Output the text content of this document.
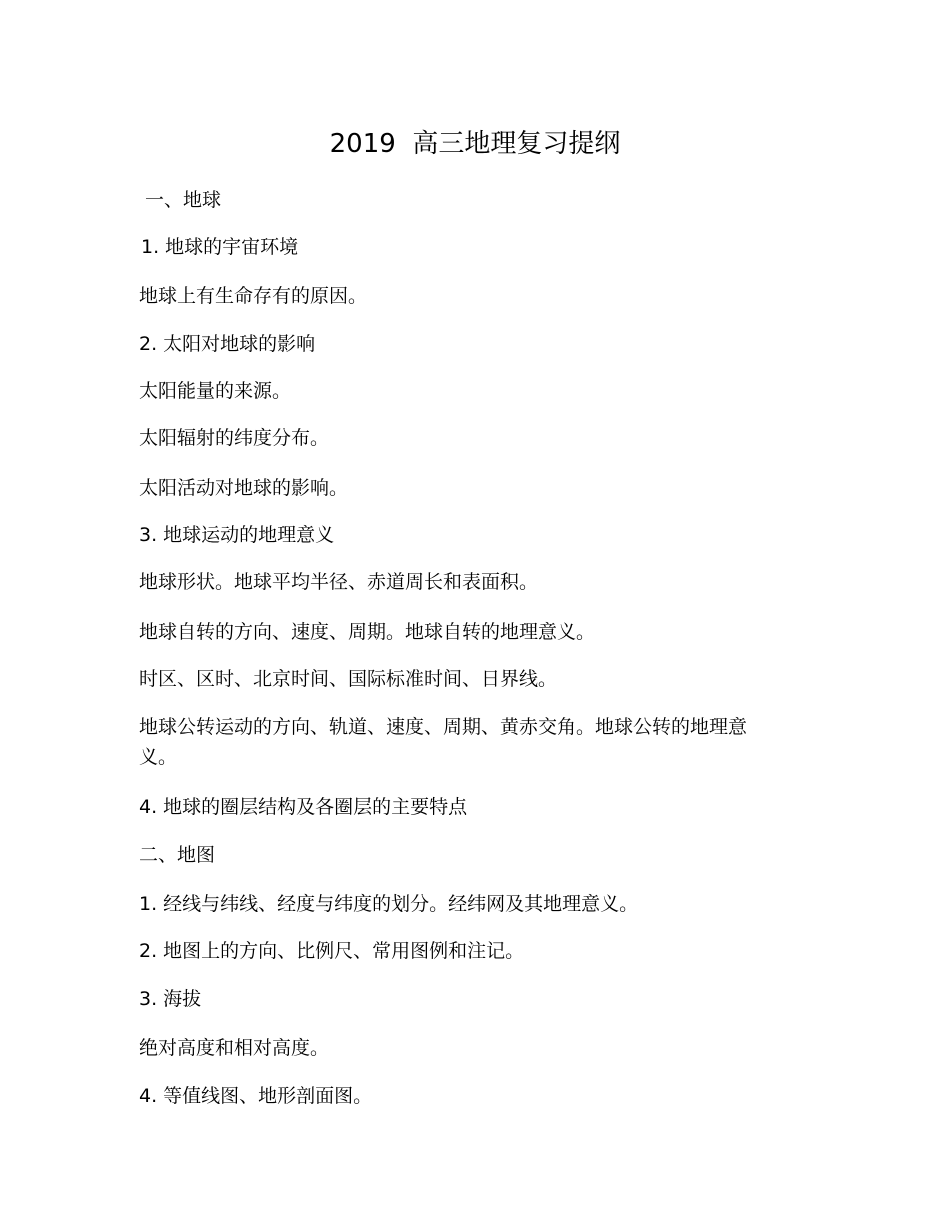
2019  高三地理复习提纲
一、地球
1. 地球的宇宙环境
地球上有生命存有的原因。
2. 太阳对地球的影响
太阳能量的来源。
太阳辐射的纬度分布。
太阳活动对地球的影响。
3. 地球运动的地理意义
地球形状。地球平均半径、赤道周长和表面积。
地球自转的方向、速度、周期。地球自转的地理意义。
时区、区时、北京时间、国际标准时间、日界线。
地球公转运动的方向、轨道、速度、周期、黄赤交角。地球公转的地理意义。
4. 地球的圈层结构及各圈层的主要特点
二、地图
1. 经线与纬线、经度与纬度的划分。经纬网及其地理意义。
2. 地图上的方向、比例尺、常用图例和注记。
3. 海拔
绝对高度和相对高度。
4. 等值线图、地形剖面图。
